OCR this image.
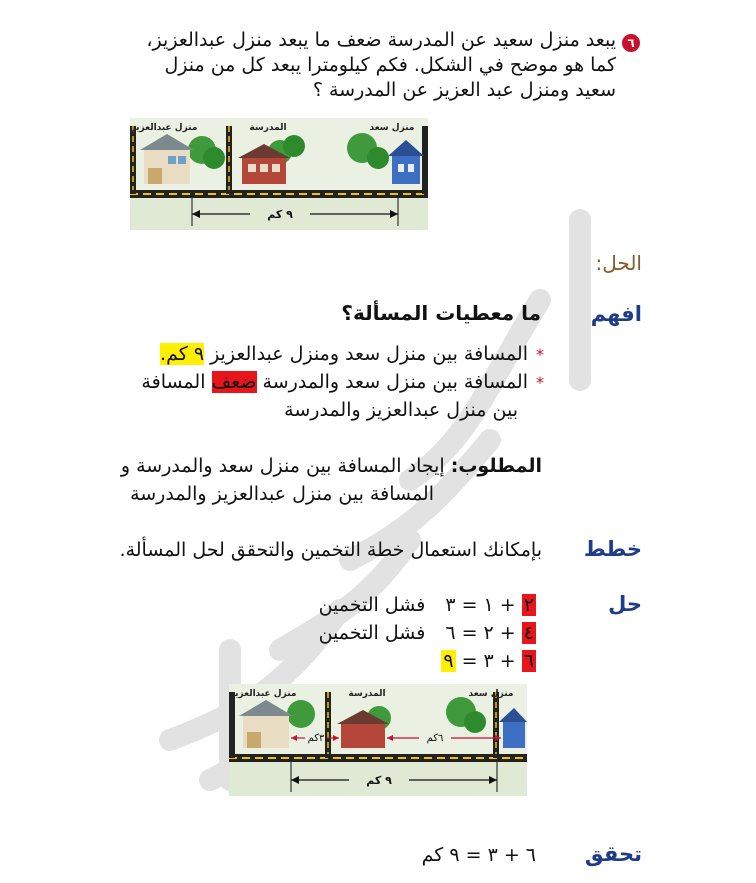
٦
يبعد منزل سعيد عن المدرسة ضعف ما يبعد منزل عبدالعزيز،
كما هو موضح في الشكل. فكم كيلومترا يبعد كل من منزل
سعيد ومنزل عبد العزيز عن المدرسة ؟
منزل عبدالعزيز	المدرسة	منزل سعد
٩ كم
الحل:
افهم
ما معطيات المسألة؟
*المسافة بين منزل سعد ومنزل عبدالعزيز ٩ كم.
*المسافة بين منزل سعد والمدرسة ضعف المسافة
بين منزل عبدالعزيز والمدرسة
المطلوب: إيجاد المسافة بين منزل سعد والمدرسة و
المسافة بين منزل عبدالعزيز والمدرسة
خطط
بإمكانك استعمال خطة التخمين والتحقق لحل المسألة.
حل
٢ + ١ = ٣ فشل التخمين
٤ + ٢ = ٦ فشل التخمين
٦ + ٣ = ٩
منزل عبدالعزيز	المدرسة	منزل سعد
٣كم	٦كم
٩ كم
تحقق
٦ + ٣ = ٩ كم
